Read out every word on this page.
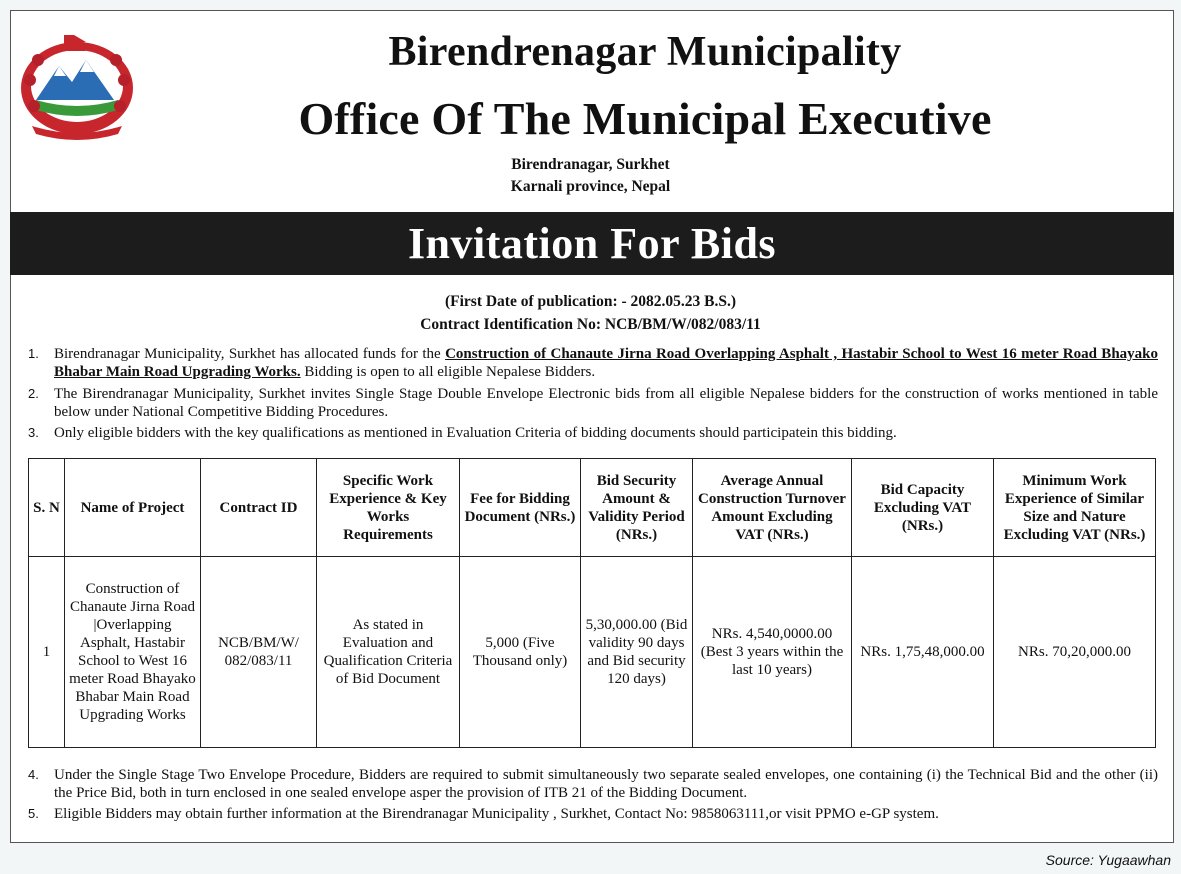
Birendrenagar Municipality
Office Of The Municipal Executive
Birendranagar, Surkhet
Karnali province, Nepal
Invitation For Bids
(First Date of publication: - 2082.05.23 B.S.)
Contract Identification No: NCB/BM/W/082/083/11
1. Birendranagar Municipality, Surkhet has allocated funds for the Construction of Chanaute Jirna Road Overlapping Asphalt , Hastabir School to West 16 meter Road Bhayako Bhabar Main Road Upgrading Works. Bidding is open to all eligible Nepalese Bidders.
2. The Birendranagar Municipality, Surkhet invites Single Stage Double Envelope Electronic bids from all eligible Nepalese bidders for the construction of works mentioned in table below under National Competitive Bidding Procedures.
3. Only eligible bidders with the key qualifications as mentioned in Evaluation Criteria of bidding documents should participatein this bidding.
S. N	Name of Project	Contract ID	Specific Work Experience & Key Works Requirements	Fee for Bidding Document (NRs.)	Bid Security Amount & Validity Period (NRs.)	Average Annual Construction Turnover Amount Excluding VAT (NRs.)	Bid Capacity Excluding VAT (NRs.)	Minimum Work Experience of Similar Size and Nature Excluding VAT (NRs.)
1	Construction of Chanaute Jirna Road |Overlapping Asphalt, Hastabir School to West 16 meter Road Bhayako Bhabar Main Road Upgrading Works	NCB/BM/W/ 082/083/11	As stated in Evaluation and Qualification Criteria of Bid Document	5,000 (Five Thousand only)	5,30,000.00 (Bid validity 90 days and Bid security 120 days)	NRs. 4,540,0000.00 (Best 3 years within the last 10 years)	NRs. 1,75,48,000.00	NRs. 70,20,000.00
4. Under the Single Stage Two Envelope Procedure, Bidders are required to submit simultaneously two separate sealed envelopes, one containing (i) the Technical Bid and the other (ii) the Price Bid, both in turn enclosed in one sealed envelope asper the provision of ITB 21 of the Bidding Document.
5. Eligible Bidders may obtain further information at the Birendranagar Municipality , Surkhet, Contact No: 9858063111,or visit PPMO e-GP system.
Source: Yugaawhan
